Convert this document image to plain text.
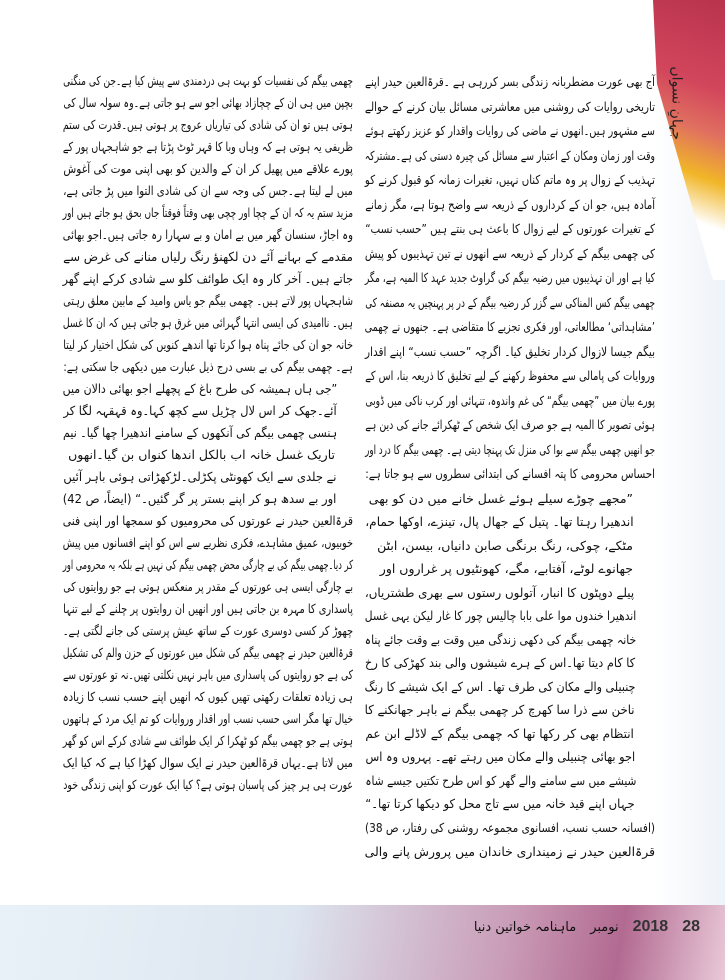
جہانِ نسواں
آج بھی عورت مضطربانہ زندگی بسر کررہی ہے ۔قرۃالعین حیدر اپنے
تاریخی روایات کی روشنی میں معاشرتی مسائل بیان کرنے کے حوالے
سے مشہور ہیں۔انھوں نے ماضی کی روایات واقدار کو عزیز رکھتے ہوئے
وقت اور زمان ومکان کے اعتبار سے مسائل کی چیرہ دستی کی ہے۔مشترکہ
تہذیب کے زوال پر وہ ماتم کناں نہیں، تغیرات زمانہ کو قبول کرنے کو
آمادہ ہیں، جو ان کے کرداروں کے ذریعہ سے واضح ہوتا ہے، مگر زمانے
کے تغیرات عورتوں کے لیے زوال کا باعث ہی بنتے ہیں ”حسب نسب“
کی چھمی بیگم کے کردار کے ذریعہ سے انھوں نے تین تہذیبوں کو پیش
کیا ہے اور ان تہذیبوں میں رضیہ بیگم کی گراوٹ جدید عہد کا المیہ ہے، مگر
چھمی بیگم کس المناکی سے گزر کر رضیہ بیگم کے در پر پہنچیں یہ مصنفہ کی
’مشاہداتی‘ مطالعاتی، اور فکری تجزیے کا متقاضی ہے۔ جنھوں نے چھمی
بیگم جیسا لازوال کردار تخلیق کیا۔ اگرچہ ”حسب نسب“ اپنے اقدار
وروایات کی پامالی سے محفوظ رکھنے کے لیے تخلیق کا ذریعہ بنا، اس کے
پورے بیان میں ”چھمی بیگم“ کی غم واندوہ، تنہائی اور کرب ناکی میں ڈوبی
ہوئی تصویر کا المیہ ہے جو صرف ایک شخص کے ٹھکرائے جانے کی دین ہے
جو انھیں چھمی بیگم سے بوا کی منزل تک پہنچا دیتی ہے۔ چھمی بیگم کا درد اور
احساس محرومی کا پتہ افسانے کی ابتدائی سطروں سے ہو جاتا ہے:
”مجھے چوڑے سیلے ہوئے غسل خانے میں دن کو بھی
اندھیرا رہتا تھا۔ پتیل کے جھال پال، تینزے، اوکھا حمام،
مٹکے، چوکی، رنگ برنگی صابن دانیاں، بیسن، ابٹن
جھانوے لوٹے، آفتابے، مگے، کھونٹیوں پر غراروں اور
پیلے دوپٹوں کا انبار، آتولوں رستوں سے بھری طشتریاں،
اندھیرا خندوں موا علی بابا چالیس چور کا غار لیکن یہی غسل
خانہ چھمی بیگم کی دکھی زندگی میں وقت بے وقت جائے پناہ
کا کام دیتا تھا۔اس کے ہرے شیشوں والی بند کھڑکی کا رخ
چنبیلی والے مکان کی طرف تھا۔ اس کے ایک شیشے کا رنگ
ناخن سے ذرا سا کھرچ کر چھمی بیگم نے باہر جھانکنے کا
انتظام بھی کر رکھا تھا کہ چھمی بیگم کے لاڈلے ابن عم
اجو بھائی چنبیلی والے مکان میں رہتے تھے۔ پہروں وہ اس
شیشے میں سے سامنے والے گھر کو اس طرح تکتیں جیسے شاہ
جہاں اپنے قید خانہ میں سے تاج محل کو دیکھا کرتا تھا۔“
(افسانہ حسب نسب، افسانوی مجموعہ روشنی کی رفتار، ص 38)
قرۃالعین حیدر نے زمینداری خاندان میں پرورش پانے والی
چھمی بیگم کی نفسیات کو بہت ہی دردمندی سے پیش کیا ہے۔جن کی منگنی
بچپن میں ہی ان کے چچازاد بھائی اجو سے ہو جاتی ہے۔وہ سولہ سال کی
ہوتی ہیں تو ان کی شادی کی تیاریاں عروج پر ہوتی ہیں۔قدرت کی ستم
ظریفی یہ ہوتی ہے کہ وہاں وبا کا قہر ٹوٹ پڑتا ہے جو شاہجہاں پور کے
پورے علاقے میں پھیل کر ان کے والدین کو بھی اپنی موت کی آغوش
میں لے لیتا ہے۔جس کی وجہ سے ان کی شادی التوا میں پڑ جاتی ہے،
مزید ستم یہ کہ ان کے چچا اور چچی بھی وقتاً فوقتاً جاں بحق ہو جاتے ہیں اور
وہ اجاڑ، سنسان گھر میں بے امان و بے سہارا رہ جاتی ہیں۔اجو بھائی
مقدمے کے بہانے آئے دن لکھنؤ رنگ رلیاں منانے کی غرض سے
جاتے ہیں۔ آخر کار وہ ایک طوائف کلو سے شادی کرکے اپنے گھر
شاہجہاں پور لاتے ہیں۔ چھمی بیگم جو یاس وامید کے مابین معلق رہتی
ہیں۔ ناامیدی کی ایسی انتہا گہرائی میں غرق ہو جاتی ہیں کہ ان کا غسل
خانہ جو ان کی جائے پناہ ہوا کرتا تھا اندھے کنویں کی شکل اختیار کر لیتا
ہے۔ چھمی بیگم کی بے بسی درج ذیل عبارت میں دیکھی جا سکتی ہے:
”جی ہاں ہمیشہ کی طرح باغ کے پچھلے اجو بھائی دالان میں
آئے۔جھک کر اس لال چڑیل سے کچھ کہا۔وہ قہقہہ لگا کر
ہنسی چھمی بیگم کی آنکھوں کے سامنے اندھیرا چھا گیا۔ نیم
تاریک غسل خانہ اب بالکل اندھا کنواں بن گیا۔انھوں
نے جلدی سے ایک کھونٹی پکڑلی۔لڑکھڑاتی ہوئی باہر آئیں
اور بے سدھ ہو کر اپنے بستر پر گر گئیں۔“ (ایضاً، ص 42)
قرۃالعین حیدر نے عورتوں کی محرومیوں کو سمجھا اور اپنی فنی
خوبیوں، عمیق مشاہدے، فکری نظریے سے اس کو اپنے افسانوں میں پیش
کر دیا۔چھمی بیگم کی بے چارگی محض چھمی بیگم کی نہیں ہے بلکہ یہ محرومی اور
بے چارگی ایسی ہی عورتوں کے مقدر پر منعکس ہوتی ہے جو روایتوں کی
پاسداری کا مہرہ بن جاتی ہیں اور انھیں ان روایتوں پر چلنے کے لیے تنہا
چھوڑ کر کسی دوسری عورت کے ساتھ عیش پرستی کی جانے لگتی ہے۔
قرۃالعین حیدر نے چھمی بیگم کی شکل میں عورتوں کے حزن والم کی تشکیل
کی ہے جو روایتوں کی پاسداری میں باہر نہیں نکلتی تھیں۔نہ تو عورتوں سے
ہی زیادہ تعلقات رکھتی تھیں کیوں کہ انھیں اپنے حسب نسب کا زیادہ
خیال تھا مگر اسی حسب نسب اور اقدار وروایات کو تم ایک مرد کے ہاتھوں
ہوتی ہے جو چھمی بیگم کو ٹھکرا کر ایک طوائف سے شادی کرکے اس کو گھر
میں لاتا ہے۔یہاں قرۃالعین حیدر نے ایک سوال کھڑا کیا ہے کہ کیا ایک
عورت ہی ہر چیز کی پاسبان ہوتی ہے؟ کیا ایک عورت کو اپنی زندگی خود
28
2018
نومبر
ماہنامہ خواتین دنیا
